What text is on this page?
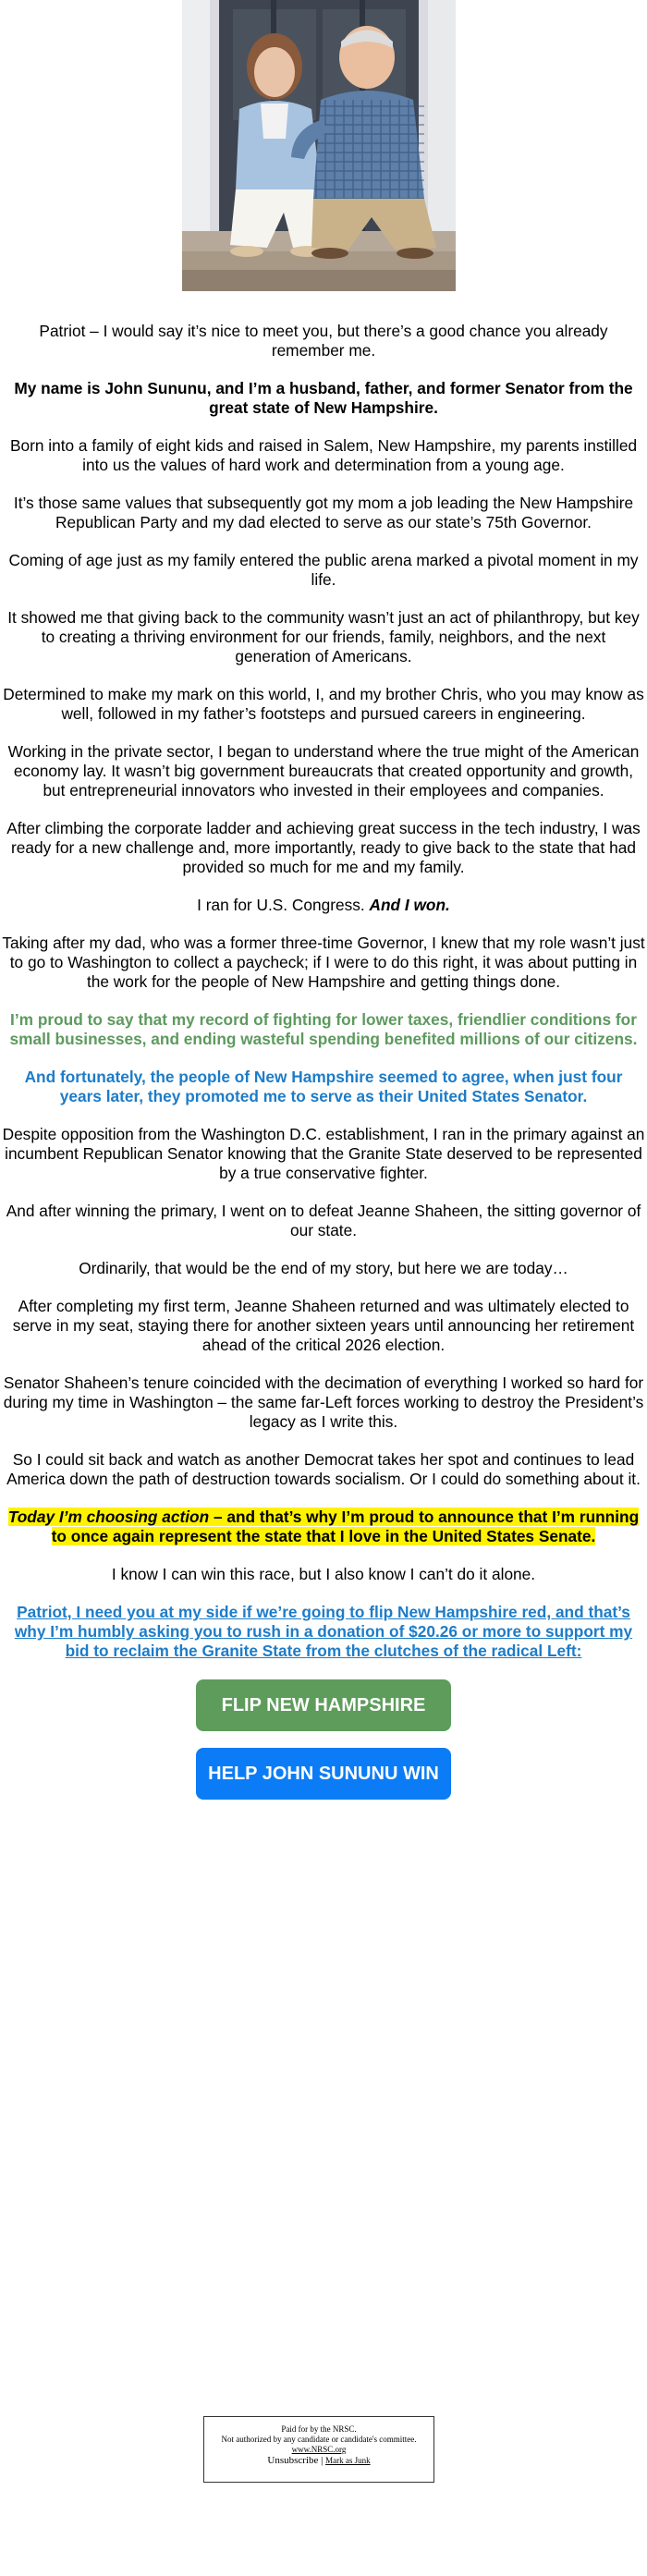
Patriot – I would say it’s nice to meet you, but there’s a good chance you already remember me.

My name is John Sununu, and I’m a husband, father, and former Senator from the great state of New Hampshire.

Born into a family of eight kids and raised in Salem, New Hampshire, my parents instilled into us the values of hard work and determination from a young age.

It’s those same values that subsequently got my mom a job leading the New Hampshire Republican Party and my dad elected to serve as our state’s 75th Governor.

Coming of age just as my family entered the public arena marked a pivotal moment in my life.

It showed me that giving back to the community wasn’t just an act of philanthropy, but key to creating a thriving environment for our friends, family, neighbors, and the next generation of Americans.

Determined to make my mark on this world, I, and my brother Chris, who you may know as well, followed in my father’s footsteps and pursued careers in engineering.

Working in the private sector, I began to understand where the true might of the American economy lay. It wasn’t big government bureaucrats that created opportunity and growth, but entrepreneurial innovators who invested in their employees and companies.

After climbing the corporate ladder and achieving great success in the tech industry, I was ready for a new challenge and, more importantly, ready to give back to the state that had provided so much for me and my family.

I ran for U.S. Congress. And I won.

Taking after my dad, who was a former three-time Governor, I knew that my role wasn’t just to go to Washington to collect a paycheck; if I were to do this right, it was about putting in the work for the people of New Hampshire and getting things done.

I’m proud to say that my record of fighting for lower taxes, friendlier conditions for small businesses, and ending wasteful spending benefited millions of our citizens.

And fortunately, the people of New Hampshire seemed to agree, when just four years later, they promoted me to serve as their United States Senator.

Despite opposition from the Washington D.C. establishment, I ran in the primary against an incumbent Republican Senator knowing that the Granite State deserved to be represented by a true conservative fighter.

And after winning the primary, I went on to defeat Jeanne Shaheen, the sitting governor of our state.

Ordinarily, that would be the end of my story, but here we are today…

After completing my first term, Jeanne Shaheen returned and was ultimately elected to serve in my seat, staying there for another sixteen years until announcing her retirement ahead of the critical 2026 election.

Senator Shaheen’s tenure coincided with the decimation of everything I worked so hard for during my time in Washington – the same far-Left forces working to destroy the President’s legacy as I write this.

So I could sit back and watch as another Democrat takes her spot and continues to lead America down the path of destruction towards socialism. Or I could do something about it.

Today I’m choosing action – and that’s why I’m proud to announce that I’m running to once again represent the state that I love in the United States Senate.

I know I can win this race, but I also know I can’t do it alone.

Patriot, I need you at my side if we’re going to flip New Hampshire red, and that’s why I’m humbly asking you to rush in a donation of $20.26 or more to support my bid to reclaim the Granite State from the clutches of the radical Left:

FLIP NEW HAMPSHIRE
HELP JOHN SUNUNU WIN
Paid for by the NRSC.
Not authorized by any candidate or candidate's committee.
www.NRSC.org
Unsubscribe | Mark as Junk
